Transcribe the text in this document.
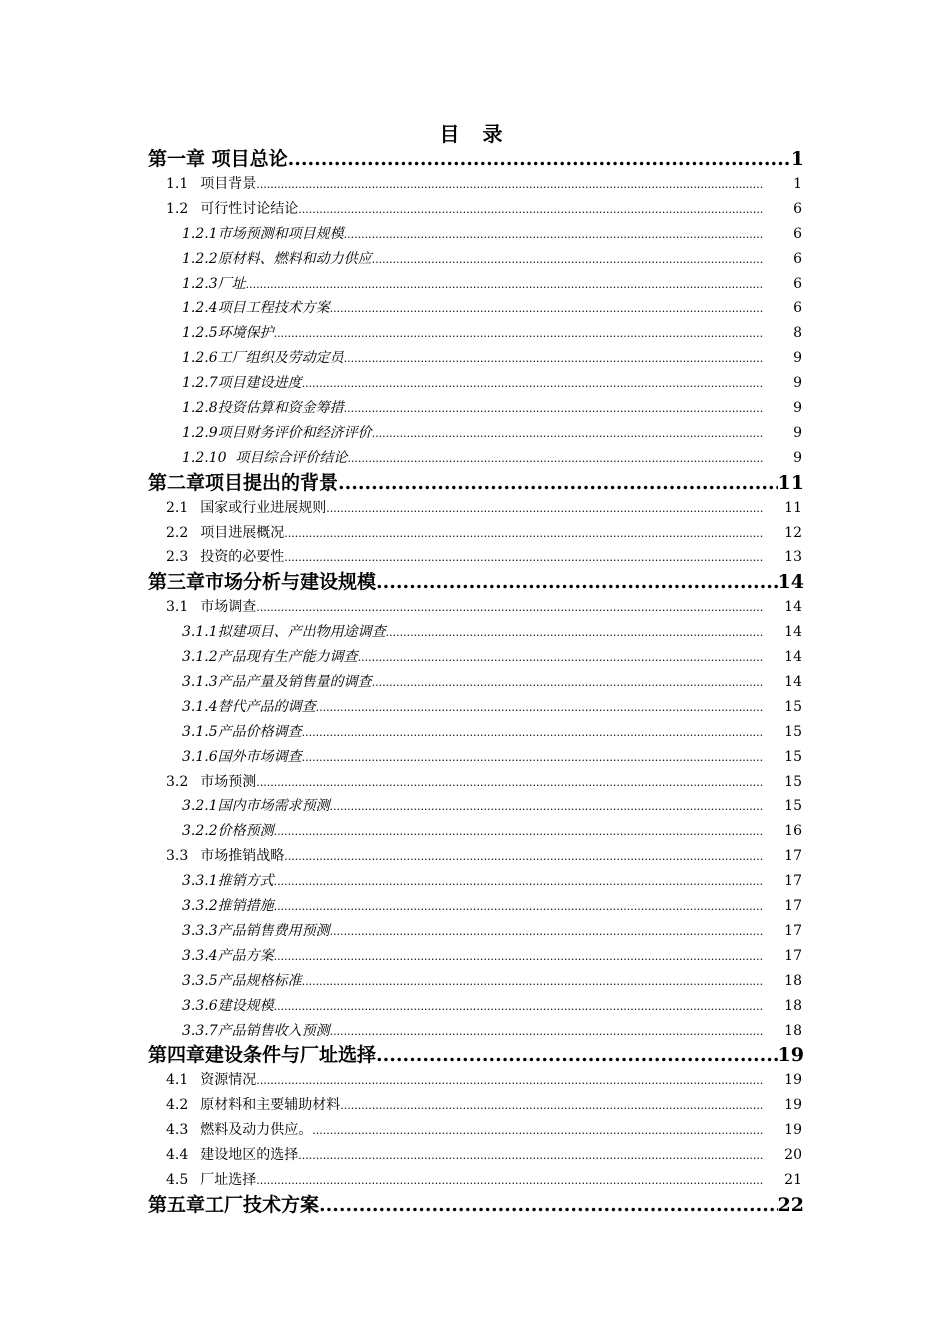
目 录
第一章 项目总论 .....	1
1.1 项目背景 .....	1
1.2 可行性讨论结论 .....	6
1.2.1市场预测和项目规模 .....	6
1.2.2原材料、燃料和动力供应 .....	6
1.2.3厂址 .....	6
1.2.4项目工程技术方案 .....	6
1.2.5环境保护 .....	8
1.2.6工厂组织及劳动定员 .....	9
1.2.7项目建设进度 .....	9
1.2.8投资估算和资金筹措 .....	9
1.2.9项目财务评价和经济评价 .....	9
1.2.10  项目综合评价结论 .....	9
第二章项目提出的背景 .....	11
2.1 国家或行业进展规则 .....	11
2.2 项目进展概况 .....	12
2.3 投资的必要性 .....	13
第三章市场分析与建设规模 .....	14
3.1 市场调查 .....	14
3.1.1拟建项目、产出物用途调查 .....	14
3.1.2产品现有生产能力调查 .....	14
3.1.3产品产量及销售量的调查 .....	14
3.1.4替代产品的调查 .....	15
3.1.5产品价格调查 .....	15
3.1.6国外市场调查 .....	15
3.2 市场预测 .....	15
3.2.1国内市场需求预测 .....	15
3.2.2价格预测 .....	16
3.3 市场推销战略 .....	17
3.3.1推销方式 .....	17
3.3.2推销措施 .....	17
3.3.3产品销售费用预测 .....	17
3.3.4产品方案 .....	17
3.3.5产品规格标准 .....	18
3.3.6建设规模 .....	18
3.3.7产品销售收入预测 .....	18
第四章建设条件与厂址选择 .....	19
4.1 资源情况 .....	19
4.2 原材料和主要辅助材料 .....	19
4.3 燃料及动力供应。 .....	19
4.4 建设地区的选择 .....	20
4.5 厂址选择 .....	21
第五章工厂技术方案 .....	22
